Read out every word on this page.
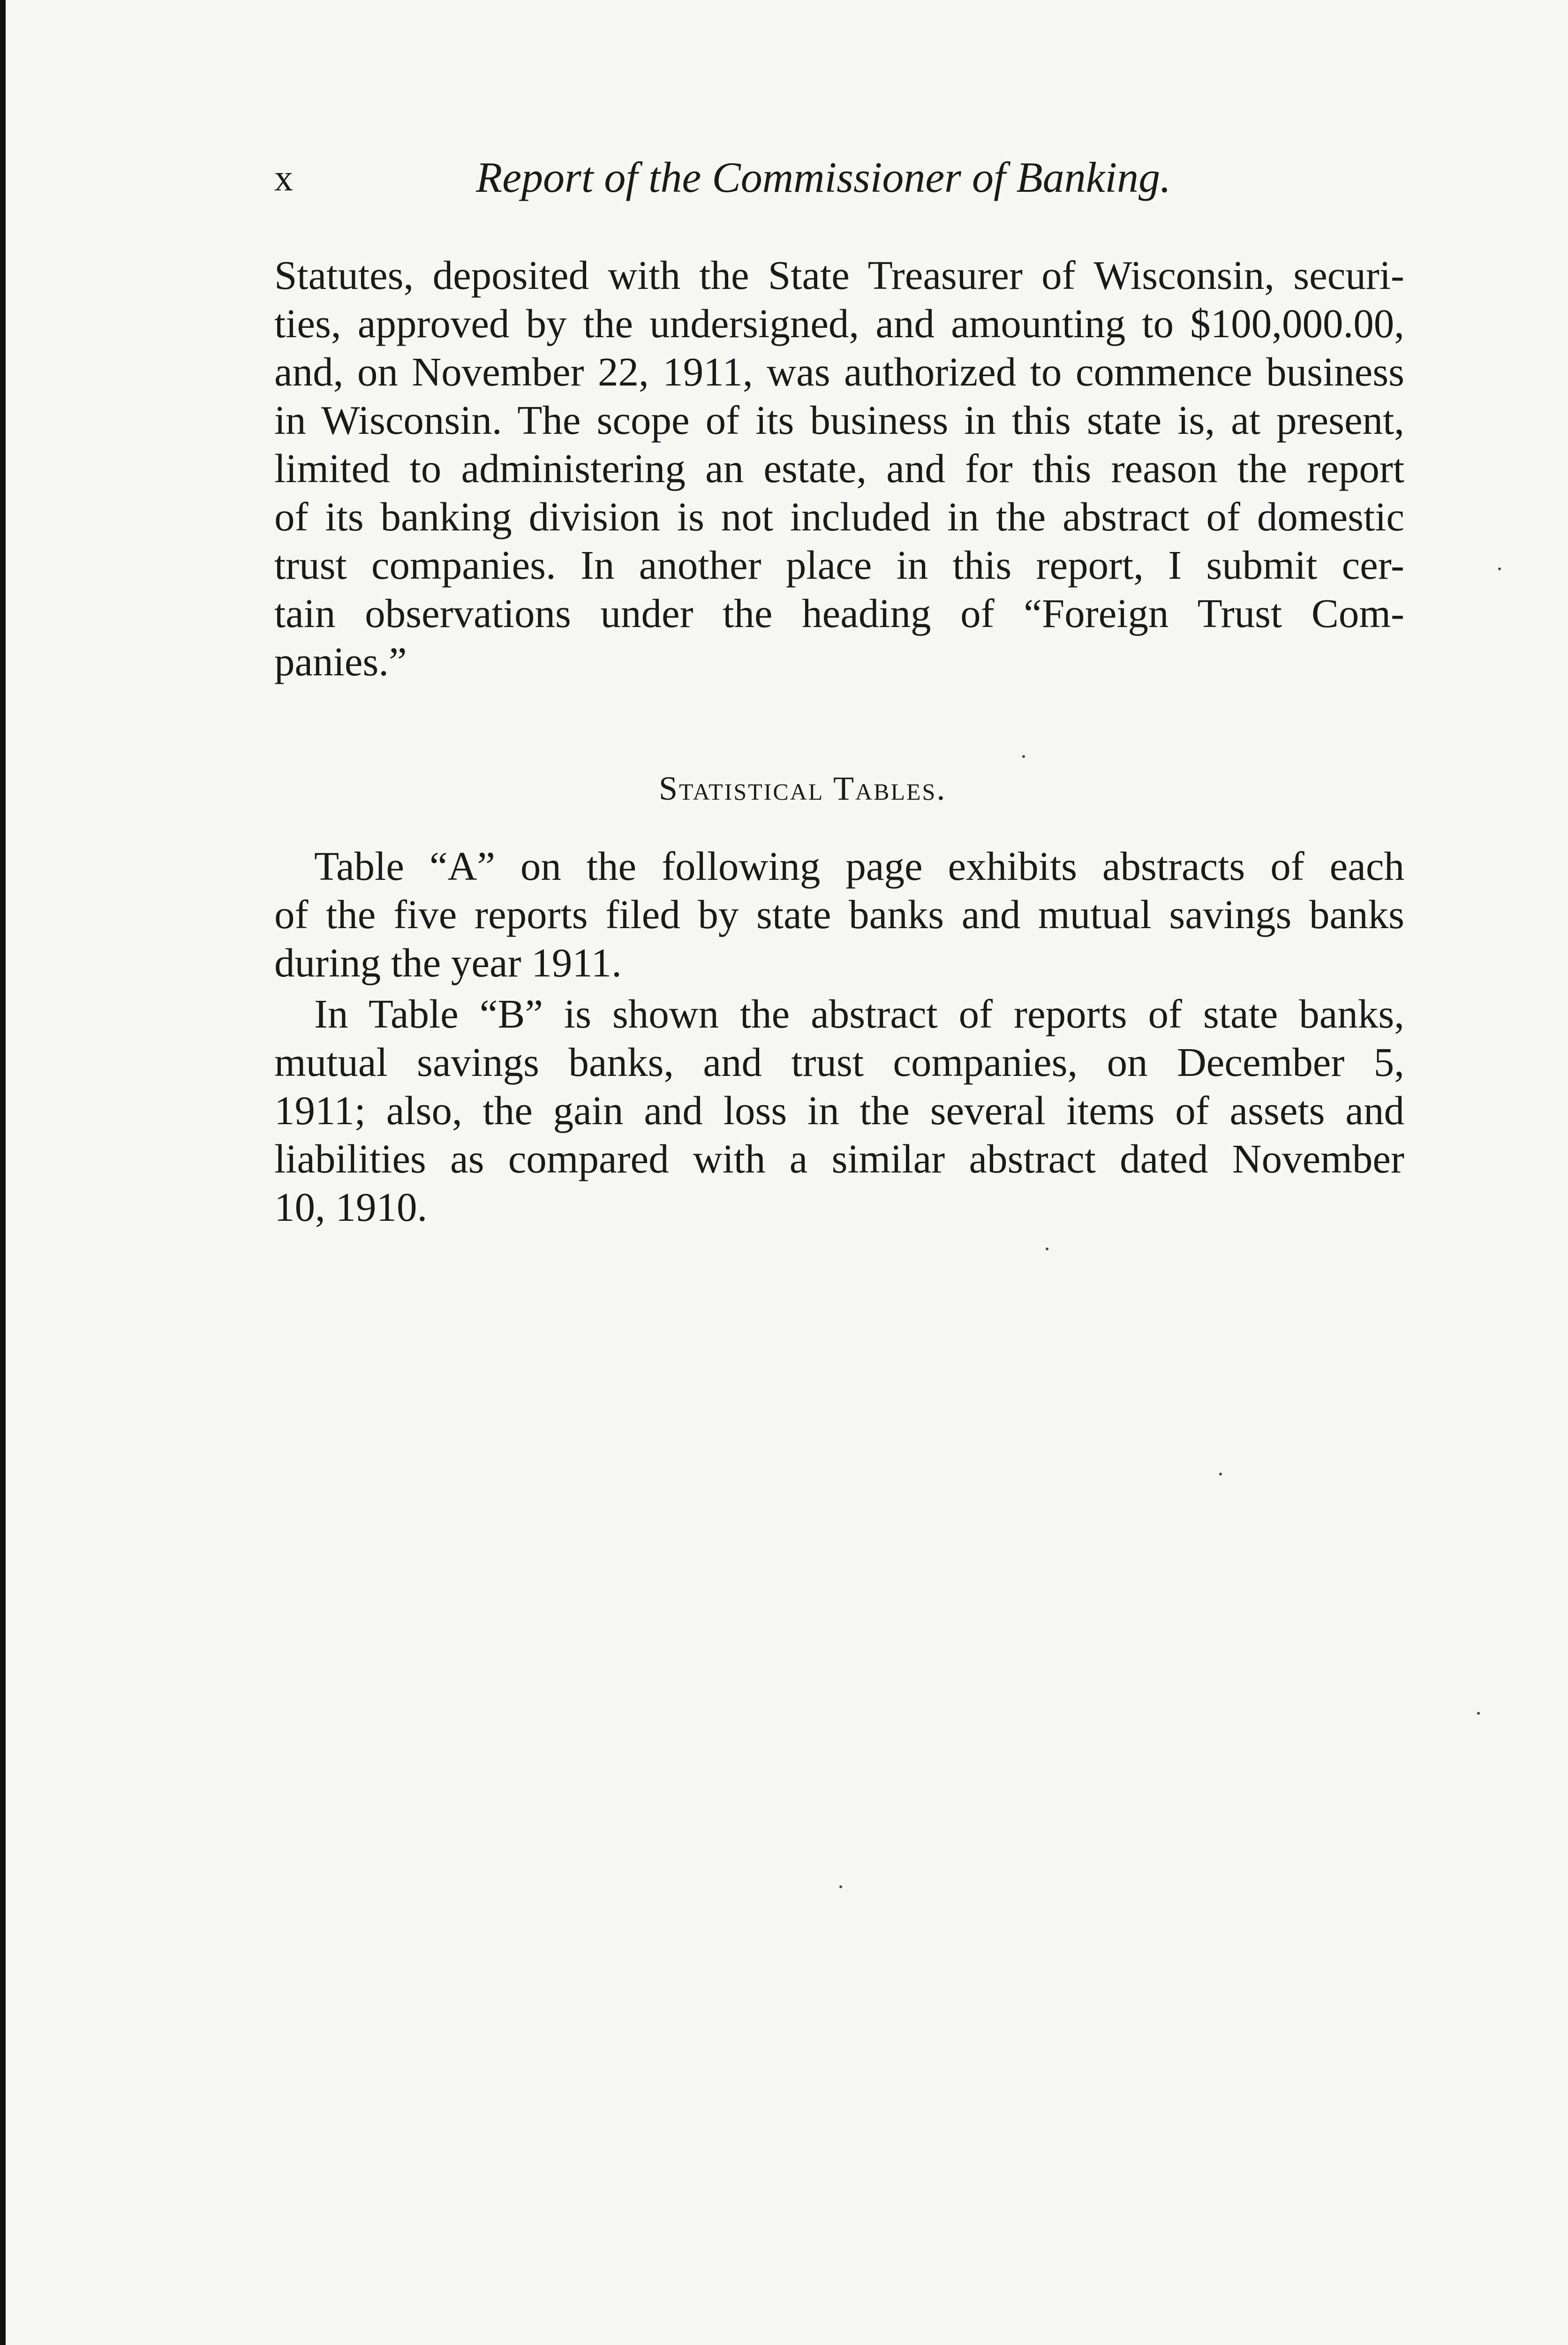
x	Report of the Commissioner of Banking.
Statutes, deposited with the State Treasurer of Wisconsin, securi-
ties, approved by the undersigned, and amounting to $100,000.00,
and, on November 22, 1911, was authorized to commence business
in Wisconsin. The scope of its business in this state is, at present,
limited to administering an estate, and for this reason the report
of its banking division is not included in the abstract of domestic
trust companies. In another place in this report, I submit cer-
tain observations under the heading of “Foreign Trust Com-
panies.”
Statistical Tables.
Table “A” on the following page exhibits abstracts of each
of the five reports filed by state banks and mutual savings banks
during the year 1911.
In Table “B” is shown the abstract of reports of state banks,
mutual savings banks, and trust companies, on December 5,
1911; also, the gain and loss in the several items of assets and
liabilities as compared with a similar abstract dated November
10, 1910.
